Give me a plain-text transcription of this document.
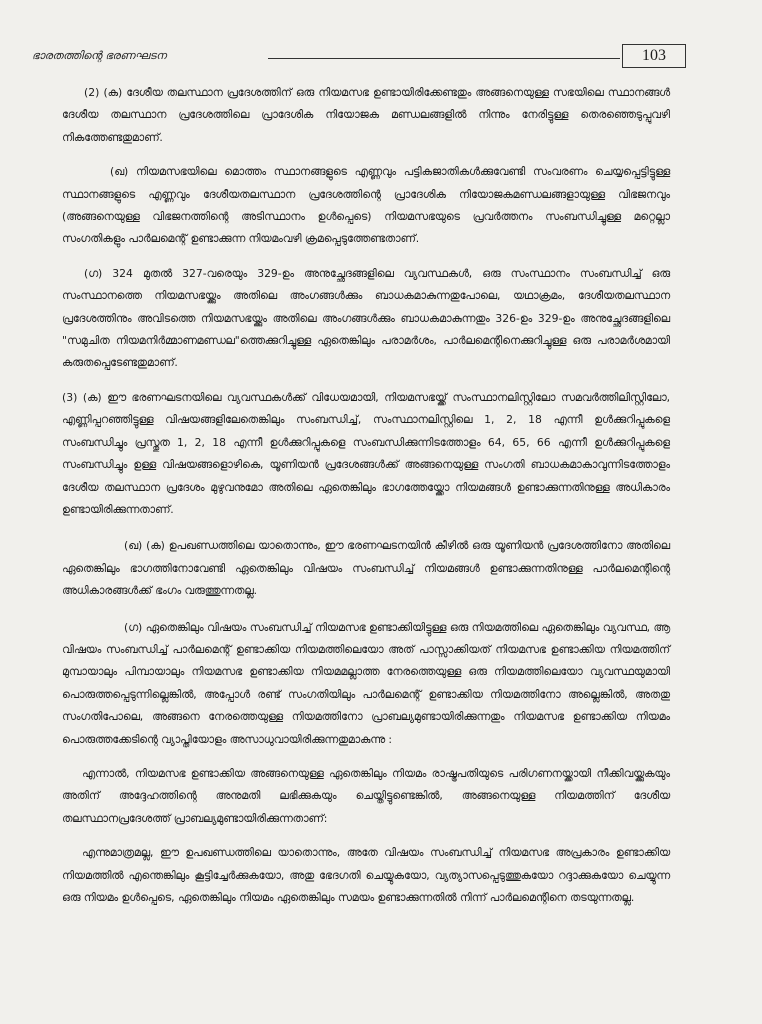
ഭാരതത്തിന്റെ ഭരണഘടന	103

(2) (ക) ദേശീയ തലസ്ഥാന പ്രദേശത്തിന് ഒരു നിയമസഭ ഉണ്ടായിരിക്കേണ്ടതും അങ്ങനെയുള്ള സഭയിലെ സ്ഥാനങ്ങൾ ദേശീയ തലസ്ഥാന പ്രദേശത്തിലെ പ്രാദേശിക നിയോജക മണ്ഡലങ്ങളിൽ നിന്നും നേരിട്ടുള്ള തെരഞ്ഞെടുപ്പുവഴി നികത്തേണ്ടതുമാണ്.

(ഖ) നിയമസഭയിലെ മൊത്തം സ്ഥാനങ്ങളുടെ എണ്ണവും പട്ടികജാതികൾക്കുവേണ്ടി സംവരണം ചെയ്യപ്പെട്ടിട്ടുള്ള സ്ഥാനങ്ങളുടെ എണ്ണവും ദേശീയതലസ്ഥാന പ്രദേശത്തിന്റെ പ്രാദേശിക നിയോജകമണ്ഡലങ്ങളായുള്ള വിഭജനവും (അങ്ങനെയുള്ള വിഭജനത്തിന്റെ അടിസ്ഥാനം ഉൾപ്പെടെ) നിയമസഭയുടെ പ്രവർത്തനം സംബന്ധിച്ചുള്ള മറ്റെല്ലാ സംഗതികളും പാർലമെന്റ് ഉണ്ടാക്കുന്ന നിയമംവഴി ക്രമപ്പെടുത്തേണ്ടതാണ്.

(ഗ) 324 മുതൽ 327-വരെയും 329-ഉം അനുച്ഛേദങ്ങളിലെ വ്യവസ്ഥകൾ, ഒരു സംസ്ഥാനം സംബന്ധിച്ച് ഒരു സംസ്ഥാനത്തെ നിയമസഭയ്ക്കും അതിലെ അംഗങ്ങൾക്കും ബാധകമാകുന്നതുപോലെ, യഥാക്രമം, ദേശീയതലസ്ഥാന പ്രദേശത്തിനും അവിടത്തെ നിയമസഭയ്ക്കും അതിലെ അംഗങ്ങൾക്കും ബാധകമാകുന്നതും 326-ഉം 329-ഉം അനുച്ഛേദങ്ങളിലെ "സമുചിത നിയമനിർമ്മാണമണ്ഡല"ത്തെക്കുറിച്ചുള്ള ഏതെങ്കിലും പരാമർശം, പാർലമെന്റിനെക്കുറിച്ചുള്ള ഒരു പരാമർശമായി കരുതപ്പെടേണ്ടതുമാണ്.

(3) (ക) ഈ ഭരണഘടനയിലെ വ്യവസ്ഥകൾക്ക് വിധേയമായി, നിയമസഭയ്ക്ക് സംസ്ഥാനലിസ്റ്റിലോ സമവർത്തിലിസ്റ്റിലോ, എണ്ണിപ്പറഞ്ഞിട്ടുള്ള വിഷയങ്ങളിലേതെങ്കിലും സംബന്ധിച്ച്, സംസ്ഥാനലിസ്റ്റിലെ 1, 2, 18 എന്നീ ഉൾക്കുറിപ്പുകളെ സംബന്ധിച്ചും പ്രസ്തുത 1, 2, 18 എന്നീ ഉൾക്കുറിപ്പുകളെ സംബന്ധിക്കുന്നിടത്തോളം 64, 65, 66 എന്നീ ഉൾക്കുറിപ്പുകളെ സംബന്ധിച്ചും ഉള്ള വിഷയങ്ങളൊഴികെ, യൂണിയൻ പ്രദേശങ്ങൾക്ക് അങ്ങനെയുള്ള സംഗതി ബാധകമാകാവുന്നിടത്തോളം ദേശീയ തലസ്ഥാന പ്രദേശം മുഴുവനുമോ അതിലെ ഏതെങ്കിലും ഭാഗത്തേയ്ക്കോ നിയമങ്ങൾ ഉണ്ടാക്കുന്നതിനുള്ള അധികാരം ഉണ്ടായിരിക്കുന്നതാണ്.

(ഖ) (ക) ഉപഖണ്ഡത്തിലെ യാതൊന്നും, ഈ ഭരണഘടനയിൻ കീഴിൽ ഒരു യൂണിയൻ പ്രദേശത്തിനോ അതിലെ ഏതെങ്കിലും ഭാഗത്തിനോവേണ്ടി ഏതെങ്കിലും വിഷയം സംബന്ധിച്ച് നിയമങ്ങൾ ഉണ്ടാക്കുന്നതിനുള്ള പാർലമെന്റിന്റെ അധികാരങ്ങൾക്ക് ഭംഗം വരുത്തുന്നതല്ല.

(ഗ) ഏതെങ്കിലും വിഷയം സംബന്ധിച്ച് നിയമസഭ ഉണ്ടാക്കിയിട്ടുള്ള ഒരു നിയമത്തിലെ ഏതെങ്കിലും വ്യവസ്ഥ, ആ വിഷയം സംബന്ധിച്ച് പാർലമെന്റ് ഉണ്ടാക്കിയ നിയമത്തിലെയോ അത് പാസ്സാക്കിയത് നിയമസഭ ഉണ്ടാക്കിയ നിയമത്തിന് മുമ്പായാലും പിമ്പായാലും നിയമസഭ ഉണ്ടാക്കിയ നിയമമല്ലാത്ത നേരത്തെയുള്ള ഒരു നിയമത്തിലെയോ വ്യവസ്ഥയുമായി പൊരുത്തപ്പെടുന്നില്ലെങ്കിൽ, അപ്പോൾ രണ്ട് സംഗതിയിലും പാർലമെന്റ് ഉണ്ടാക്കിയ നിയമത്തിനോ അല്ലെങ്കിൽ, അതതു സംഗതിപോലെ, അങ്ങനെ നേരത്തെയുള്ള നിയമത്തിനോ പ്രാബല്യമുണ്ടായിരിക്കുന്നതും നിയമസഭ ഉണ്ടാക്കിയ നിയമം പൊരുത്തക്കേടിന്റെ വ്യാപ്തിയോളം അസാധുവായിരിക്കുന്നതുമാകുന്നു :

എന്നാൽ, നിയമസഭ ഉണ്ടാക്കിയ അങ്ങനെയുള്ള ഏതെങ്കിലും നിയമം രാഷ്ട്രപതിയുടെ പരിഗണനയ്ക്കായി നീക്കിവയ്ക്കുകയും അതിന് അദ്ദേഹത്തിന്റെ അനുമതി ലഭിക്കുകയും ചെയ്തിട്ടുണ്ടെങ്കിൽ, അങ്ങനെയുള്ള നിയമത്തിന് ദേശീയ തലസ്ഥാനപ്രദേശത്ത് പ്രാബല്യമുണ്ടായിരിക്കുന്നതാണ്:

എന്നുമാത്രമല്ല, ഈ ഉപഖണ്ഡത്തിലെ യാതൊന്നും, അതേ വിഷയം സംബന്ധിച്ച് നിയമസഭ അപ്രകാരം ഉണ്ടാക്കിയ നിയമത്തിൽ എന്തെങ്കിലും കൂട്ടിച്ചേർക്കുകയോ, അതു ഭേദഗതി ചെയ്യുകയോ, വ്യത്യാസപ്പെടുത്തുകയോ റദ്ദാക്കുകയോ ചെയ്യുന്ന ഒരു നിയമം ഉൾപ്പെടെ, ഏതെങ്കിലും നിയമം ഏതെങ്കിലും സമയം ഉണ്ടാക്കുന്നതിൽ നിന്ന് പാർലമെന്റിനെ തടയുന്നതല്ല.
